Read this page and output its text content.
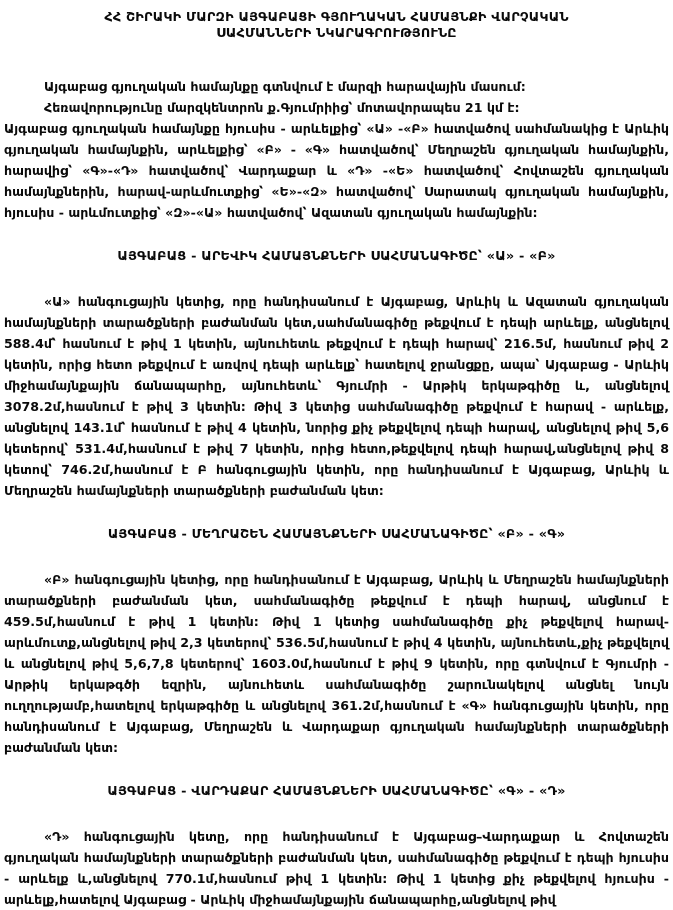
ՀՀ ՇԻՐԱԿԻ ՄԱՐԶԻ ԱՅԳԱԲԱՑԻ ԳՅՈՒՂԱԿԱՆ ՀԱՄԱՅՆՔԻ ՎԱՐՉԱԿԱՆ
ՍԱՀՄԱՆՆԵՐԻ ՆԿԱՐԱԳՐՈՒԹՅՈՒՆԸ
Այգաբաց գյուղական համայնքը գտնվում է մարզի հարավային մասում:
Հեռավորությունը մարզկենտրոն ք.Գյումրիից՝ մոտավորապես 21 կմ է:

Այգաբաց գյուղական համայնքը հյուսիս - արևելքից՝ «Ա» -«Բ» հատվածով սահմանակից է Արևիկ գյուղական համայնքին, արևելքից՝ «Բ» - «Գ» հատվածով՝ Մեղրաշեն գյուղական համայնքին, հարավից՝ «Գ»-«Դ» հատվածով՝ Վարդաքար և «Դ» -«Ե» հատվածով՝ Հովտաշեն գյուղական համայնքներին, հարավ-արևմուտքից՝ «Ե»-«Զ» հատվածով՝ Սարատակ գյուղական համայնքին, հյուսիս - արևմուտքից՝ «Զ»-«Ա» հատվածով՝ Ազատան գյուղական համայնքին:

ԱՅԳԱԲԱՑ - ԱՐԵՎԻԿ ՀԱՄԱՅՆՔՆԵՐԻ ՍԱՀՄԱՆԱԳԻԾԸ՝ «Ա» - «Բ»

«Ա» հանգուցային կետից, որը հանդիսանում է Այգաբաց, Արևիկ և Ազատան գյուղական համայնքների տարածքների բաժանման կետ,սահմանագիծը թեքվում է դեպի արևելք, անցնելով 588.4մ՝ հասնում է թիվ 1 կետին, այնուհետև թեքվում է դեպի հարավ՝ 216.5մ, հասնում թիվ 2 կետին, որից հետո թեքվում է առվով դեպի արևելք՝ հատելով ջրանցքը, ապա՝ Այգաբաց - Արևիկ միջհամայնքային ճանապարհը, այնուհետև՝ Գյումրի - Արթիկ երկաթգիծը և, անցնելով 3078.2մ,հասնում է թիվ 3 կետին: Թիվ 3 կետից սահմանագիծը թեքվում է հարավ - արևելք, անցնելով 143.1մ՝ հասնում է թիվ 4 կետին, նորից քիչ թեքվելով դեպի հարավ, անցնելով թիվ 5,6 կետերով՝ 531.4մ,հասնում է թիվ 7 կետին, որից հետո,թեքվելով դեպի հարավ,անցնելով թիվ 8 կետով՝ 746.2մ,հասնում է Բ հանգուցային կետին, որը հանդիսանում է Այգաբաց, Արևիկ և Մեղրաշեն համայնքների տարածքների բաժանման կետ:

ԱՅԳԱԲԱՑ - ՄԵՂՐԱՇԵՆ ՀԱՄԱՅՆՔՆԵՐԻ ՍԱՀՄԱՆԱԳԻԾԸ՝ «Բ» - «Գ»

«Բ» հանգուցային կետից, որը հանդիսանում է Այգաբաց, Արևիկ և Մեղրաշեն համայնքների տարածքների բաժանման կետ, սահմանագիծը թեքվում է դեպի հարավ, անցնում է 459.5մ,հասնում է թիվ 1 կետին: Թիվ 1 կետից սահմանագիծը քիչ թեքվելով հարավ- արևմուտք,անցնելով թիվ 2,3 կետերով՝ 536.5մ,հասնում է թիվ 4 կետին, այնուհետև,քիչ թեքվելով և անցնելով թիվ 5,6,7,8 կետերով՝ 1603.0մ,հասնում է թիվ 9 կետին, որը գտնվում է Գյումրի - Արթիկ երկաթգծի եզրին, այնուհետև սահմանագիծը շարունակելով անցնել նույն ուղղությամբ,հատելով երկաթգիծը և անցնելով 361.2մ,հասնում է «Գ» հանգուցային կետին, որը հանդիսանում է Այգաբաց, Մեղրաշեն և Վարդաքար գյուղական համայնքների տարածքների բաժանման կետ:

ԱՅԳԱԲԱՑ - ՎԱՐԴԱՔԱՐ ՀԱՄԱՅՆՔՆԵՐԻ ՍԱՀՄԱՆԱԳԻԾԸ՝ «Գ» - «Դ»

«Դ» հանգուցային կետը, որը հանդիսանում է Այգաբաց–Վարդաքար և Հովտաշեն գյուղական համայնքների տարածքների բաժանման կետ, սահմանագիծը թեքվում է դեպի հյուսիս - արևելք և,անցնելով 770.1մ,հասնում թիվ 1 կետին: Թիվ 1 կետից քիչ թեքվելով հյուսիս - արևելք,հատելով Այգաբաց - Արևիկ միջհամայնքային ճանապարհը,անցնելով թիվ
